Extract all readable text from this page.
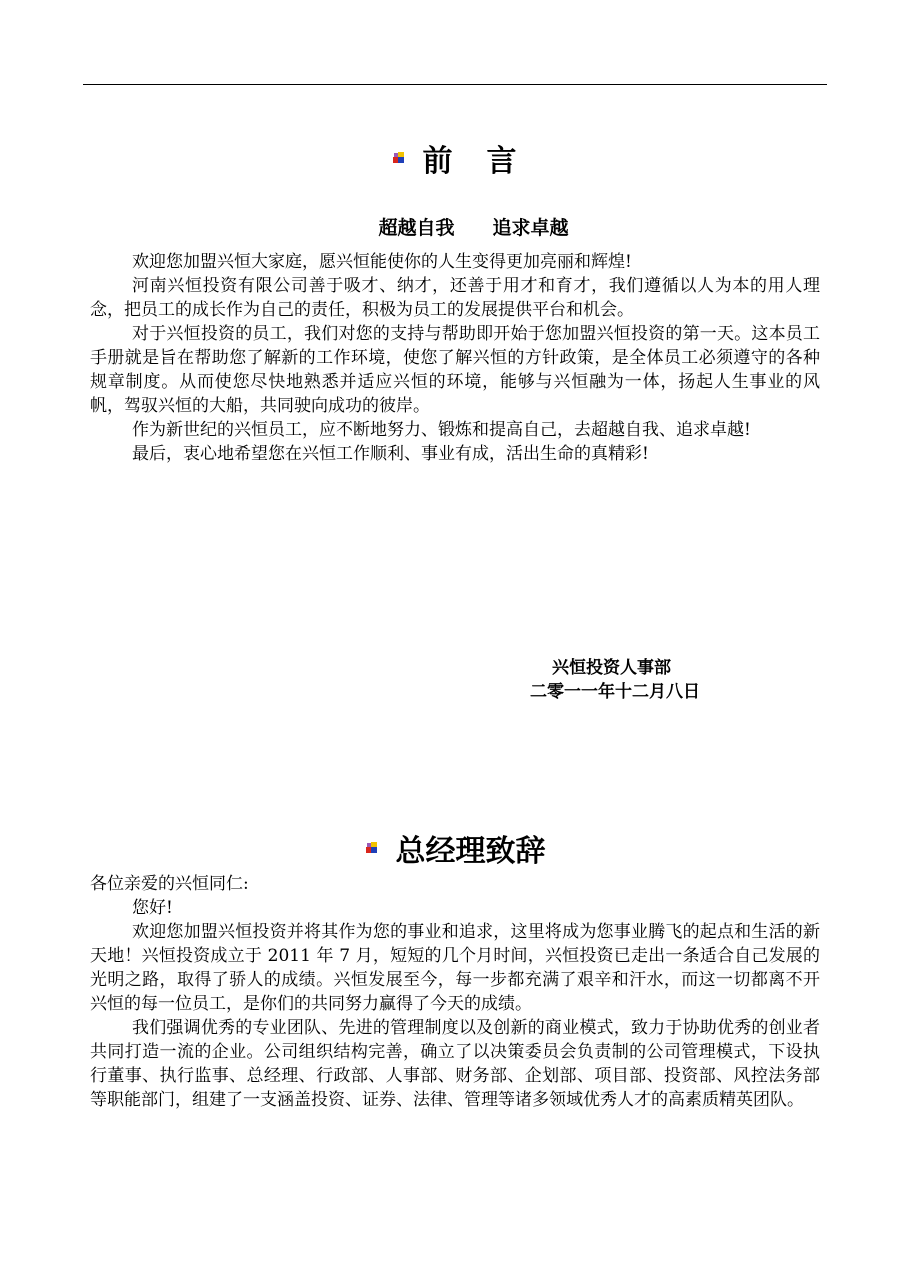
前　言
超越自我 追求卓越

欢迎您加盟兴恒大家庭，愿兴恒能使你的人生变得更加亮丽和辉煌!

河南兴恒投资有限公司善于吸才、纳才，还善于用才和育才，我们遵循以人为本的用人理念，把员工的成长作为自己的责任，积极为员工的发展提供平台和机会。

对于兴恒投资的员工，我们对您的支持与帮助即开始于您加盟兴恒投资的第一天。这本员工手册就是旨在帮助您了解新的工作环境，使您了解兴恒的方针政策，是全体员工必须遵守的各种规章制度。从而使您尽快地熟悉并适应兴恒的环境，能够与兴恒融为一体，扬起人生事业的风帆，驾驭兴恒的大船，共同驶向成功的彼岸。

作为新世纪的兴恒员工，应不断地努力、锻炼和提高自己，去超越自我、追求卓越!

最后，衷心地希望您在兴恒工作顺利、事业有成，活出生命的真精彩!

兴恒投资人事部
二零一一年十二月八日
总经理致辞

各位亲爱的兴恒同仁:

您好!

欢迎您加盟兴恒投资并将其作为您的事业和追求，这里将成为您事业腾飞的起点和生活的新天地！兴恒投资成立于 2011 年 7 月，短短的几个月时间，兴恒投资已走出一条适合自己发展的光明之路，取得了骄人的成绩。兴恒发展至今，每一步都充满了艰辛和汗水，而这一切都离不开兴恒的每一位员工，是你们的共同努力赢得了今天的成绩。

我们强调优秀的专业团队、先进的管理制度以及创新的商业模式，致力于协助优秀的创业者共同打造一流的企业。公司组织结构完善，确立了以决策委员会负责制的公司管理模式，下设执行董事、执行监事、总经理、行政部、人事部、财务部、企划部、项目部、投资部、风控法务部等职能部门，组建了一支涵盖投资、证券、法律、管理等诸多领域优秀人才的高素质精英团队。
